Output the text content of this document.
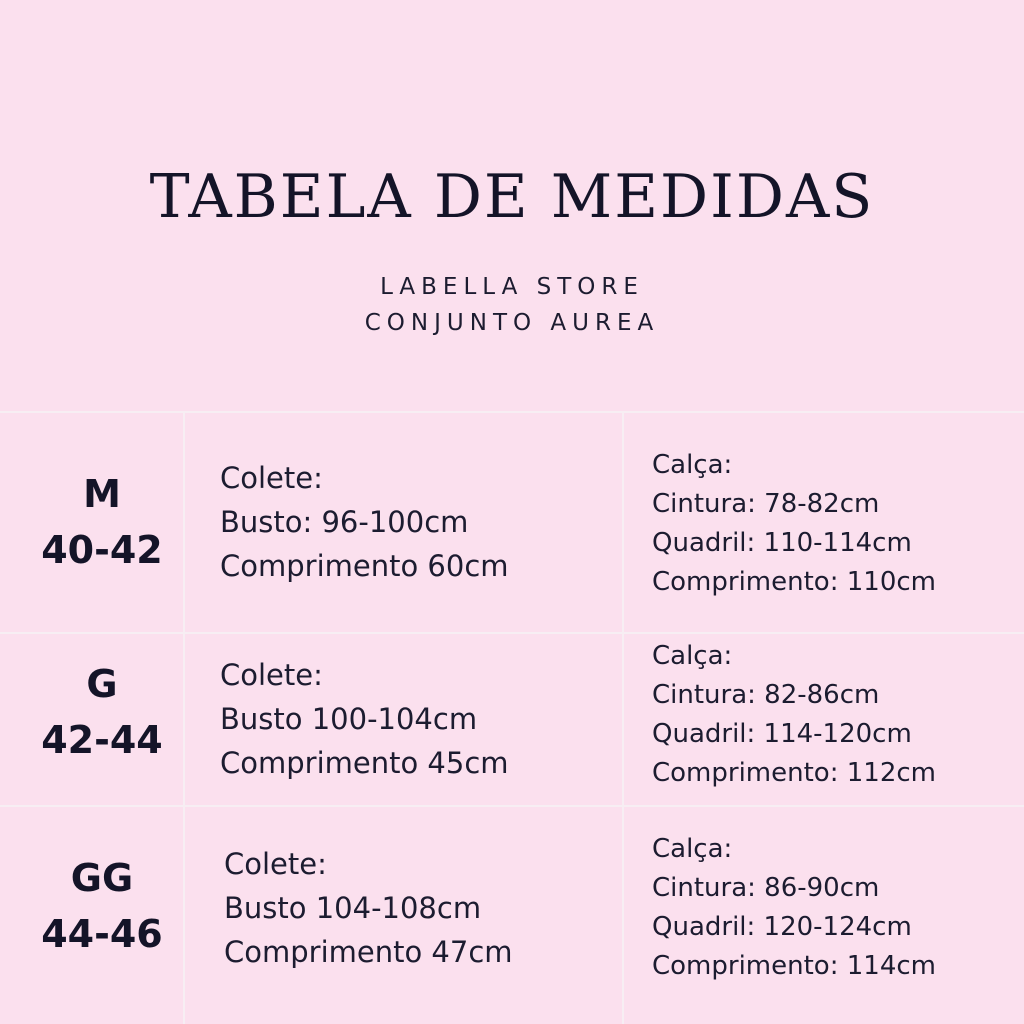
TABELA DE MEDIDAS
LABELLA STORE
CONJUNTO AUREA
M
40-42
Colete:
Busto: 96-100cm
Comprimento 60cm
Calça:
Cintura: 78-82cm
Quadril: 110-114cm
Comprimento: 110cm
G
42-44
Colete:
Busto 100-104cm
Comprimento 45cm
Calça:
Cintura: 82-86cm
Quadril: 114-120cm
Comprimento: 112cm
GG
44-46
Colete:
Busto 104-108cm
Comprimento 47cm
Calça:
Cintura: 86-90cm
Quadril: 120-124cm
Comprimento: 114cm
